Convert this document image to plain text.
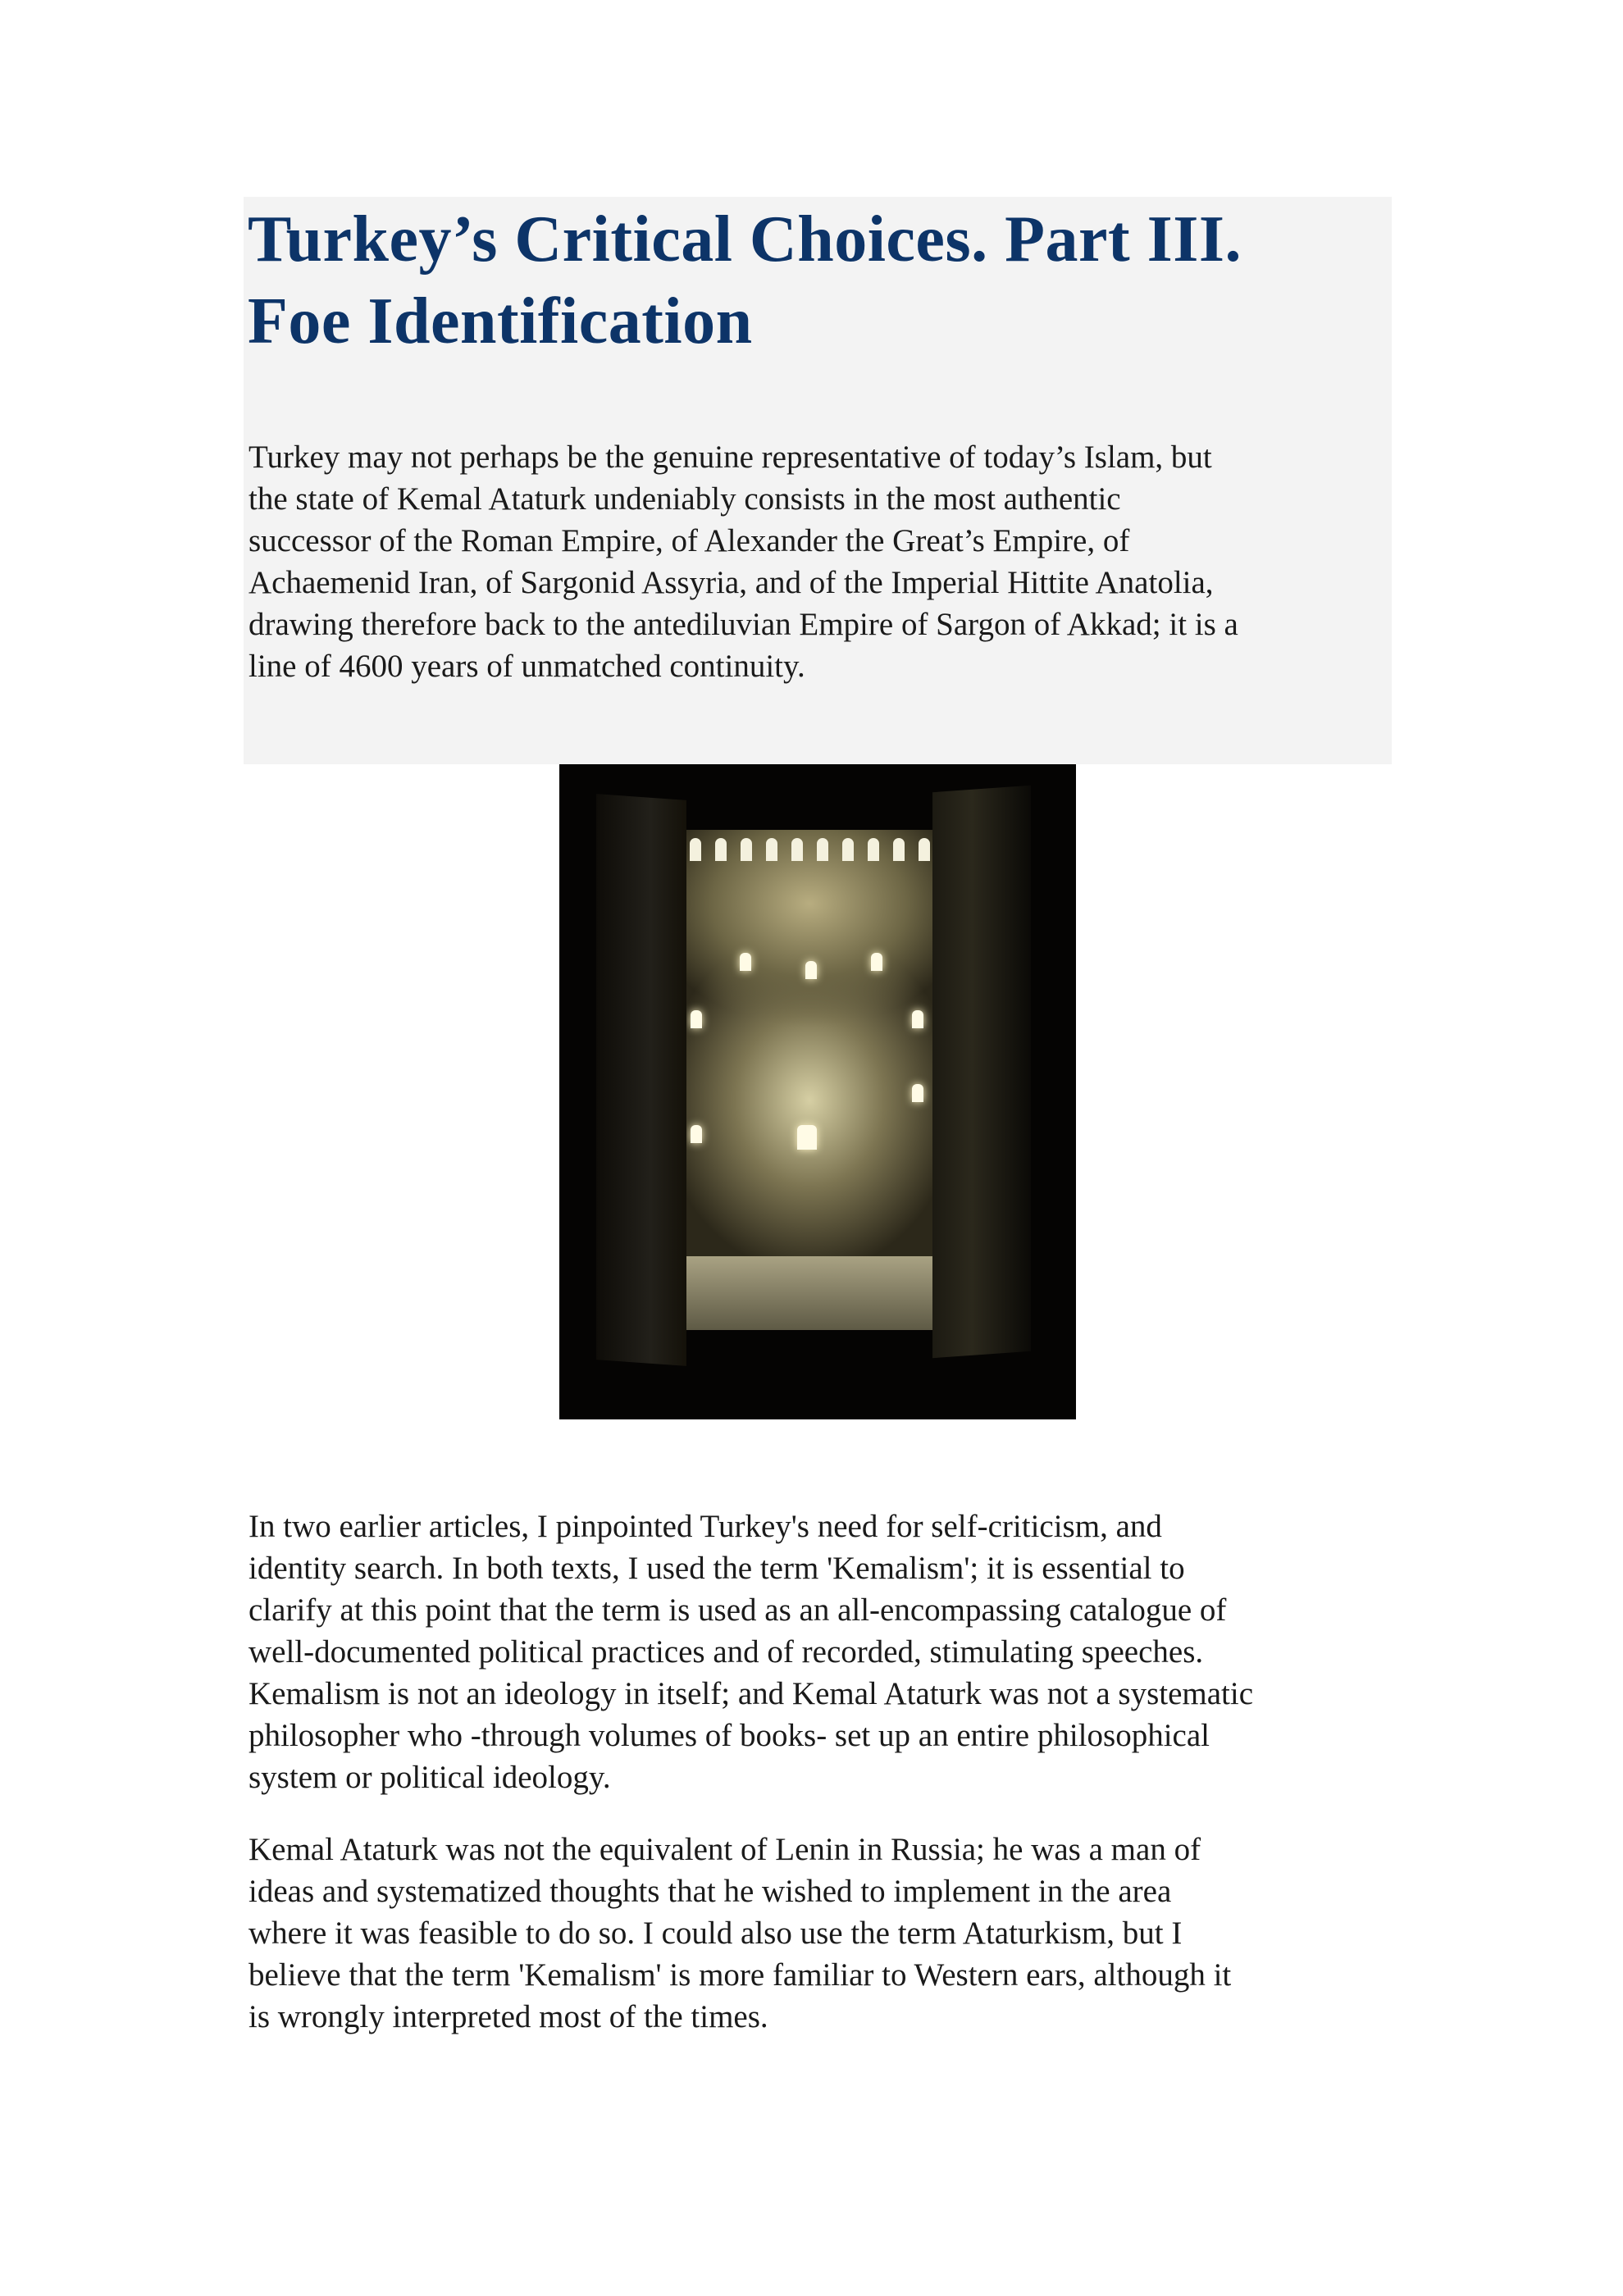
Turkey’s Critical Choices. Part III.
Foe Identification

Turkey may not perhaps be the genuine representative of today’s Islam, but
the state of Kemal Ataturk undeniably consists in the most authentic
successor of the Roman Empire, of Alexander the Great’s Empire, of
Achaemenid Iran, of Sargonid Assyria, and of the Imperial Hittite Anatolia,
drawing therefore back to the antediluvian Empire of Sargon of Akkad; it is a
line of 4600 years of unmatched continuity.

In two earlier articles, I pinpointed Turkey's need for self-criticism, and
identity search. In both texts, I used the term 'Kemalism'; it is essential to
clarify at this point that the term is used as an all-encompassing catalogue of
well-documented political practices and of recorded, stimulating speeches.
Kemalism is not an ideology in itself; and Kemal Ataturk was not a systematic
philosopher who -through volumes of books- set up an entire philosophical
system or political ideology.

Kemal Ataturk was not the equivalent of Lenin in Russia; he was a man of
ideas and systematized thoughts that he wished to implement in the area
where it was feasible to do so. I could also use the term Ataturkism, but I
believe that the term 'Kemalism' is more familiar to Western ears, although it
is wrongly interpreted most of the times.
